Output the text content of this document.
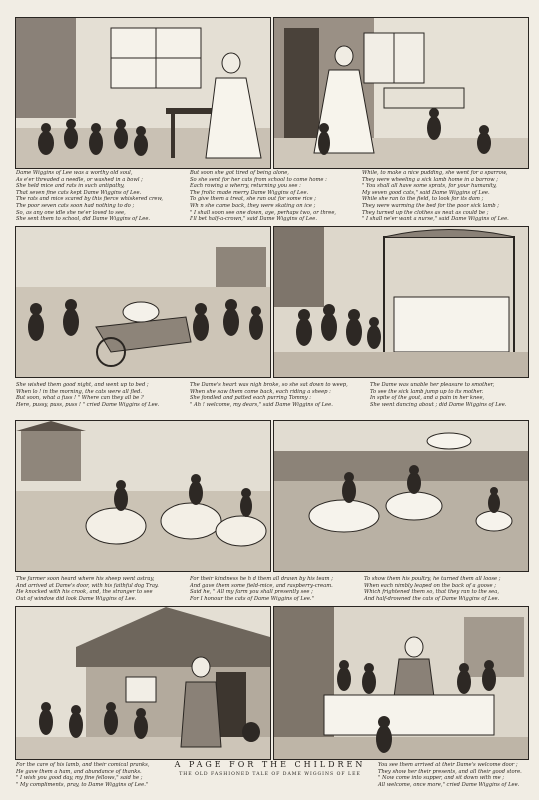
Dame Wiggins of Lee was a worthy old soul,
As e'er threaded a needle, or washed in a bowl ;
She held mice and rats in such antipathy,
That seven fine cats kept Dame Wiggins of Lee.
The rats and mice scared by this fierce whiskered crew,
The poor seven cats soon had nothing to do ;
So, as any one idle she ne'er loved to see,
She sent them to school, did Dame Wiggins of Lee.
But soon she got tired of being alone,
So she sent for her cats from school to come home :
Each rowing a wherry, returning you see :
The frolic made merry Dame Wiggins of Lee.
To give them a treat, she ran out for some rice ;
Wh n she came back, they were skating on ice ;
" I shall soon see one down, aye, perhaps two, or three,
I'll bet half-a-crown," said Dame Wiggins of Lee.
While, to make a nice pudding, she went for a sparrow,
They were wheeling a sick lamb home in a barrow ;
" You shall all have some sprats, for your humanity,
My seven good cats," said Dame Wiggins of Lee.
While she ran to the field, to look for its dam ;
They were warming the bed for the poor sick lamb ;
They turned up the clothes as neat as could be ;
" I shall ne'er want a nurse," said Dame Wiggins of Lee.
She wished them good night, and went up to bed ;
When lo ! in the morning, the cats were all fled.
But soon, what a fuss ! " Where can they all be ?
Here, pussy, puss, puss ! " cried Dame Wiggins of Lee.
The Dame's heart was nigh broke, so she sat down to weep,
When she saw them come back, each riding a sheep :
She fondled and patted each purring Tommy :
" Ah ! welcome, my dears," said Dame Wiggins of Lee.
The Dame was unable her pleasure to smother,
To see the sick lamb jump up to its mother.
In spite of the gout, and a pain in her knee,
She went dancing about ; did Dame Wiggins of Lee.
The farmer soon heard where his sheep went astray,
And arrived at Dame's door, with his faithful dog Tray.
He knocked with his crook, and, the stranger to see
Out of window did look Dame Wiggins of Lee.
For their kindness he h d them all drawn by his team ;
And gave them some field-mice, and raspberry-cream.
Said he, " All my farm you shall presently see ;
For I honour the cats of Dame Wiggins of Lee."
To show them his poultry, he turned them all loose ;
When each nimbly leaped on the back of a goose ;
Which frightened them so, that they ran to the sea,
And half-drowned the cats of Dame Wiggins of Lee.
For the care of his lamb, and their comical pranks,
He gave them a ham, and abundance of thanks.
" I wish you good day, my fine fellows," said he ;
" My compliments, pray, to Dame Wiggins of Lee."
A PAGE FOR THE CHILDREN
THE OLD FASHIONED TALE OF DAME WIGGINS OF LEE
You see them arrived at their Dame's welcome door ;
They show her their presents, and all their good store.
" Now come into supper, and sit down with me ;
All welcome, once more," cried Dame Wiggins of Lee.
